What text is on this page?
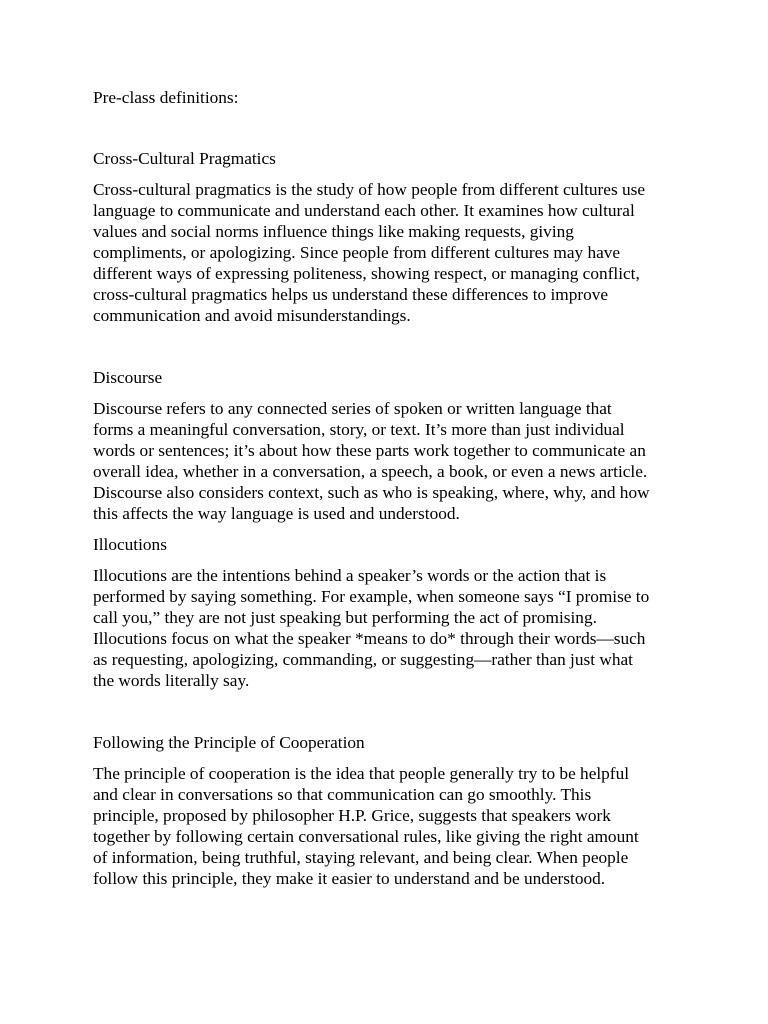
Pre-class definitions:
Cross-Cultural Pragmatics
Cross-cultural pragmatics is the study of how people from different cultures use
language to communicate and understand each other. It examines how cultural
values and social norms influence things like making requests, giving
compliments, or apologizing. Since people from different cultures may have
different ways of expressing politeness, showing respect, or managing conflict,
cross-cultural pragmatics helps us understand these differences to improve
communication and avoid misunderstandings.
Discourse
Discourse refers to any connected series of spoken or written language that
forms a meaningful conversation, story, or text. It’s more than just individual
words or sentences; it’s about how these parts work together to communicate an
overall idea, whether in a conversation, a speech, a book, or even a news article.
Discourse also considers context, such as who is speaking, where, why, and how
this affects the way language is used and understood.
Illocutions
Illocutions are the intentions behind a speaker’s words or the action that is
performed by saying something. For example, when someone says “I promise to
call you,” they are not just speaking but performing the act of promising.
Illocutions focus on what the speaker *means to do* through their words—such
as requesting, apologizing, commanding, or suggesting—rather than just what
the words literally say.
Following the Principle of Cooperation
The principle of cooperation is the idea that people generally try to be helpful
and clear in conversations so that communication can go smoothly. This
principle, proposed by philosopher H.P. Grice, suggests that speakers work
together by following certain conversational rules, like giving the right amount
of information, being truthful, staying relevant, and being clear. When people
follow this principle, they make it easier to understand and be understood.
